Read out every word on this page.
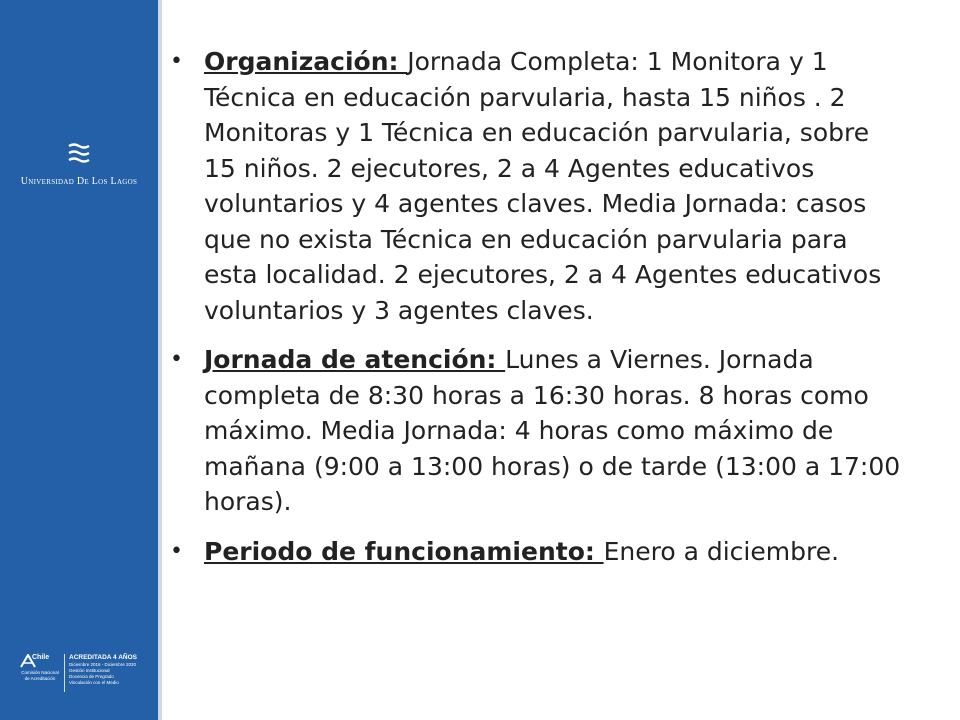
Universidad De Los Lagos
Chile
Comisión Nacional de Acreditación
ACREDITADA 4 AÑOS
Diciembre 2016 - Diciembre 2020
Gestión Institucional
Docencia de Pregrado
Vinculación con el Medio
• Organización: Jornada Completa: 1 Monitora y 1 Técnica en educación parvularia, hasta 15 niños . 2 Monitoras y 1 Técnica en educación parvularia, sobre 15 niños. 2 ejecutores, 2 a 4 Agentes educativos voluntarios y 4 agentes claves. Media Jornada: casos que no exista Técnica en educación parvularia para esta localidad. 2 ejecutores, 2 a 4 Agentes educativos voluntarios y 3 agentes claves.
• Jornada de atención: Lunes a Viernes. Jornada completa de 8:30 horas a 16:30 horas. 8 horas como máximo. Media Jornada: 4 horas como máximo de mañana (9:00 a 13:00 horas) o de tarde (13:00 a 17:00 horas).
• Periodo de funcionamiento: Enero a diciembre.
